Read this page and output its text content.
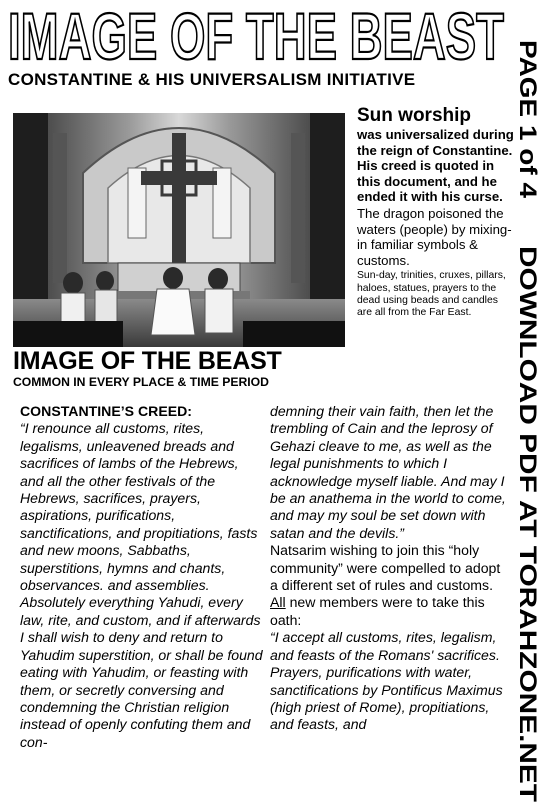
IMAGE OF THE BEAST
CONSTANTINE & HIS UNIVERSALISM INITIATIVE
Sun worship
was universalized during the reign of Constantine. His creed is quoted in this document, and he ended it with his curse.
The dragon poisoned the waters (people) by mixing-in familiar symbols & customs.
Sun-day, trinities, cruxes, pillars, haloes, statues, prayers to the dead using beads and candles are all from the Far East.
IMAGE OF THE BEAST
COMMON IN EVERY PLACE & TIME PERIOD

CONSTANTINE’S CREED:

“I renounce all customs, rites, legalisms, unleavened breads and sacrifices of lambs of the Hebrews, and all the other festivals of the Hebrews, sacrifices, prayers, aspirations, purifications, sanctifications, and propitiations, fasts and new moons, Sabbaths, superstitions, hymns and chants, observances. and assemblies. Absolutely everything Yahudi, every law, rite, and custom, and if afterwards I shall wish to deny and return to Yahudim superstition, or shall be found eating with Yahudim, or feasting with them, or secretly conversing and condemning the Christian religion instead of openly confuting them and con-

demning their vain faith, then let the trembling of Cain and the leprosy of Gehazi cleave to me, as well as the legal punishments to which I acknowledge myself liable. And may I be an anathema in the world to come, and may my soul be set down with satan and the devils.”

Natsarim wishing to join this “holy community” were compelled to adopt a different set of rules and customs. All new members were to take this oath:

“I accept all customs, rites, legalism, and feasts of the Romans' sacrifices. Prayers, purifications with water, sanctifications by Pontificus Maximus (high priest of Rome), propitiations, and feasts, and

PAGE 1 of 4
DOWNLOAD PDF AT TORAHZONE.NET
